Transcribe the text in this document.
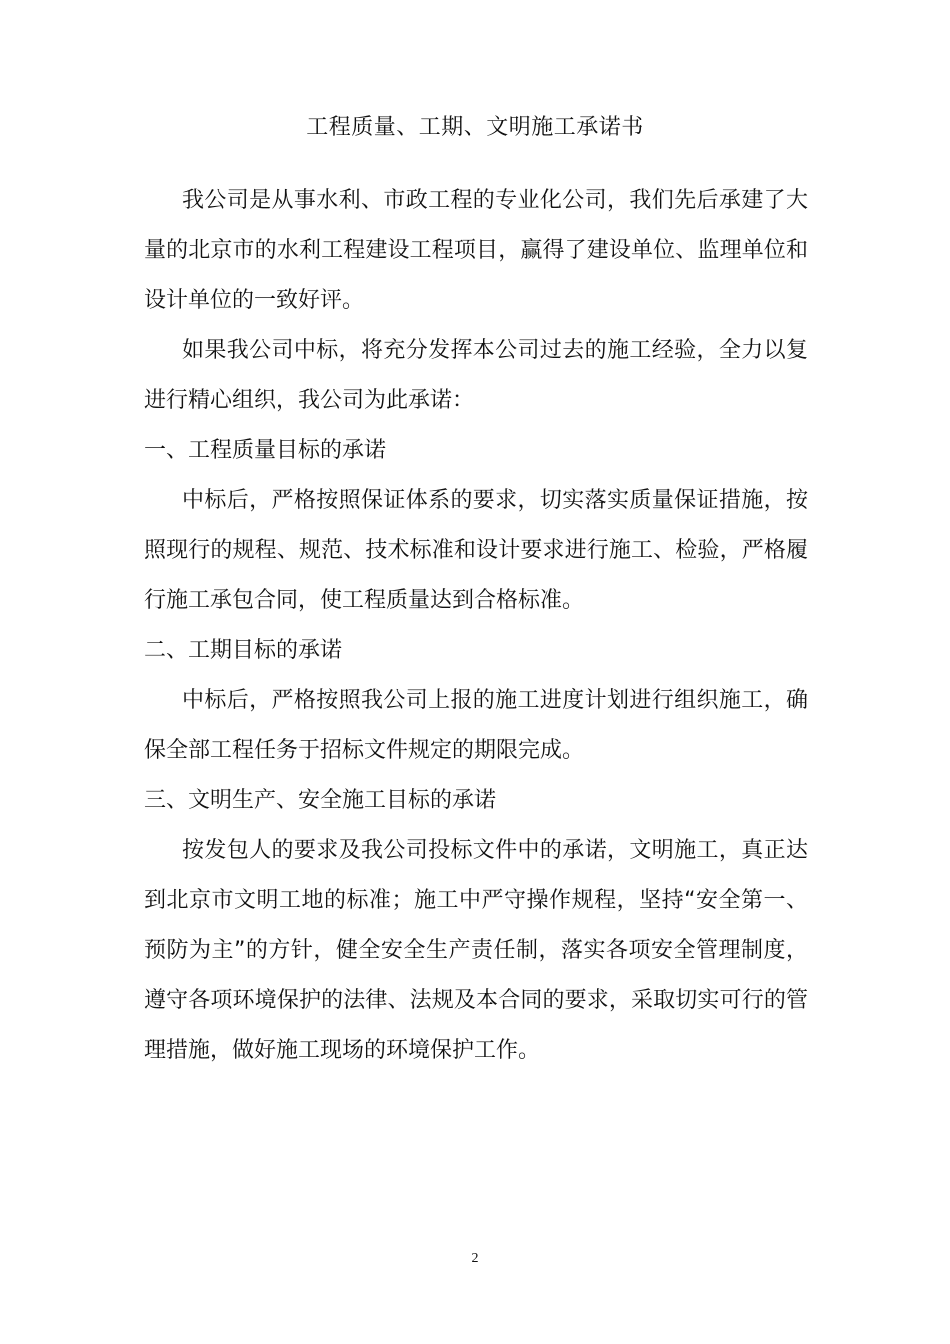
工程质量、工期、文明施工承诺书

我公司是从事水利、市政工程的专业化公司，我们先后承建了大量的北京市的水利工程建设工程项目，赢得了建设单位、监理单位和设计单位的一致好评。

如果我公司中标，将充分发挥本公司过去的施工经验，全力以复进行精心组织，我公司为此承诺：

一、工程质量目标的承诺

中标后，严格按照保证体系的要求，切实落实质量保证措施，按照现行的规程、规范、技术标准和设计要求进行施工、检验，严格履行施工承包合同，使工程质量达到合格标准。

二、工期目标的承诺

中标后，严格按照我公司上报的施工进度计划进行组织施工，确保全部工程任务于招标文件规定的期限完成。

三、文明生产、安全施工目标的承诺

按发包人的要求及我公司投标文件中的承诺，文明施工，真正达到北京市文明工地的标准；施工中严守操作规程，坚持“安全第一、预防为主”的方针，健全安全生产责任制，落实各项安全管理制度，遵守各项环境保护的法律、法规及本合同的要求，采取切实可行的管理措施，做好施工现场的环境保护工作。

2
